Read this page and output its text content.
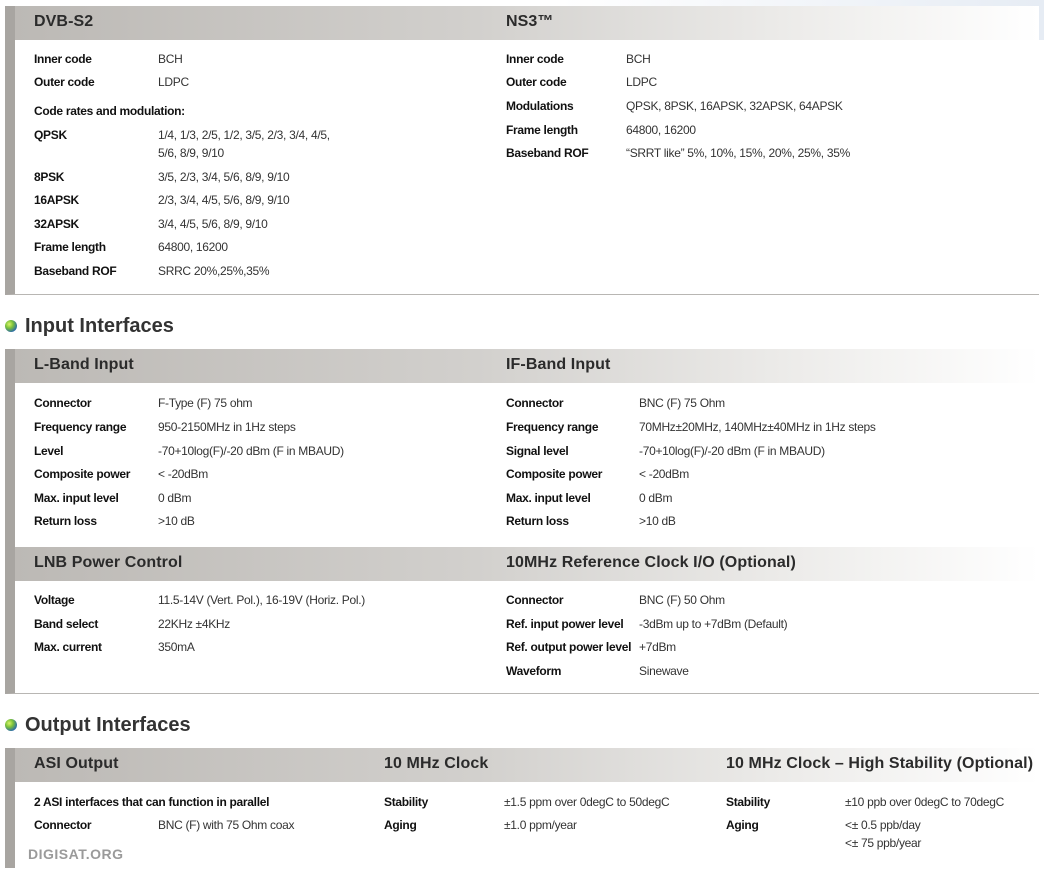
DVB-S2	NS3™
Inner code	BCH
Outer code	LDPC
Code rates and modulation:
QPSK	1/4, 1/3, 2/5, 1/2, 3/5, 2/3, 3/4, 4/5,
5/6, 8/9, 9/10
8PSK	3/5, 2/3, 3/4, 5/6, 8/9, 9/10
16APSK	2/3, 3/4, 4/5, 5/6, 8/9, 9/10
32APSK	3/4, 4/5, 5/6, 8/9, 9/10
Frame length	64800, 16200
Baseband ROF	SRRC 20%,25%,35%
Inner code	BCH
Outer code	LDPC
Modulations	QPSK, 8PSK, 16APSK, 32APSK, 64APSK
Frame length	64800, 16200
Baseband ROF	“SRRT like” 5%, 10%, 15%, 20%, 25%, 35%
Input Interfaces
L-Band Input	IF-Band Input
Connector	F-Type (F) 75 ohm
Frequency range	950-2150MHz in 1Hz steps
Level	-70+10log(F)/-20 dBm (F in MBAUD)
Composite power < -20dBm
Max. input level	0 dBm
Return loss	>10 dB
Connector	BNC (F) 75 Ohm
Frequency range	70MHz±20MHz, 140MHz±40MHz in 1Hz steps
Signal level	-70+10log(F)/-20 dBm (F in MBAUD)
Composite power	< -20dBm
Max. input level	0 dBm
Return loss	>10 dB
LNB Power Control	10MHz Reference Clock I/O (Optional)
Voltage	11.5-14V (Vert. Pol.), 16-19V (Horiz. Pol.)
Band select	22KHz ±4KHz
Max. current	350mA
Connector	BNC (F) 50 Ohm
Ref. input power level -3dBm up to +7dBm (Default)
Ref. output power level +7dBm
Waveform	Sinewave
Output Interfaces
ASI Output	10 MHz Clock	10 MHz Clock – High Stability (Optional)
2 ASI interfaces that can function in parallel
Connector	BNC (F) with 75 Ohm coax
Stability	±1.5 ppm over 0degC to 50degC
Aging	±1.0 ppm/year
Stability	±10 ppb over 0degC to 70degC
Aging	<± 0.5 ppb/day
<± 75 ppb/year
DIGISAT.ORG
